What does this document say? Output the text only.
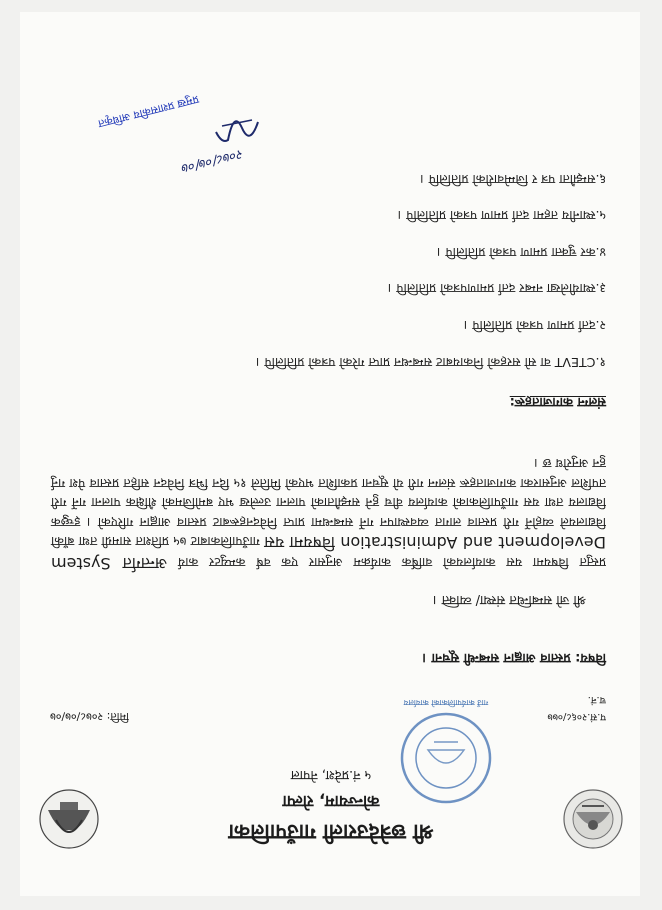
गाउँ कार्यपालिकाको कार्यालय
श्री छत्रेदेउराली गाउँपालिका
कोन्ज्याम, रोल्पा
५ नं.प्रदेश, नेपाल
प.सं.२०६८/०७७
च.नं.
मिति: २०७८/०७/०७
विषय: प्रस्ताव आह्वान सम्बन्धी सूचना ।
श्री जो सम्बन्धित संस्था/ व्यक्ति ।
प्रस्तुत विषयमा यस कार्यालयको वार्षिक कार्यक्रम अनुसार एक वर्ष कम्प्युटर कार्य अन्तर्गत System Development and Administration विषयमा यस गाउँपालिकाबाट ७५ प्रतिशत सामग्री तथा बाँकी विद्यालयले व्यहोर्ने गरी प्रस्ताव लागत व्यवस्थापन गर्ने सम्बन्धमा प्राप्त निवेदनहरूबाट प्रस्ताव आह्वान गरिएको । इच्छुक विद्यालय तथा यस गाउँपालिकाको कार्यालय वीच हुने सम्झौताको पालना उल्लेख भए बमोजिमको शैक्षिक पालना गर्ने गरी तपशिल अनुसारका कागजातहरू संलग्न गरी यो सूचना प्रकाशित भएको मितिले १५ दिन भित्र निवेदन सहित प्रस्ताव पेश गर्नु हुन अनुरोध छ ।
संलग्न कागजातहरू:
१.CTEVT वा सो सरहको निकायबाट सम्बन्धन प्राप्त गरेको पत्रको प्रतिलिपि ।
२.दर्ता प्रमाण पत्रको प्रतिलिपि ।
३.स्थायीलेखा नम्बर दर्ता प्रमाणपत्रको प्रतिलिपि ।
४.कर चुक्ता प्रमाण पत्रको प्रतिलिपि ।
५.स्थानीय तहमा दर्ता प्रमाण पत्रको प्रतिलिपि ।
६.सम्झौता पत्र र जिम्मेवारीको प्रतिलिपि ।
२०७८/०७/०७
प्रमुख प्रशासकीय अधिकृत
